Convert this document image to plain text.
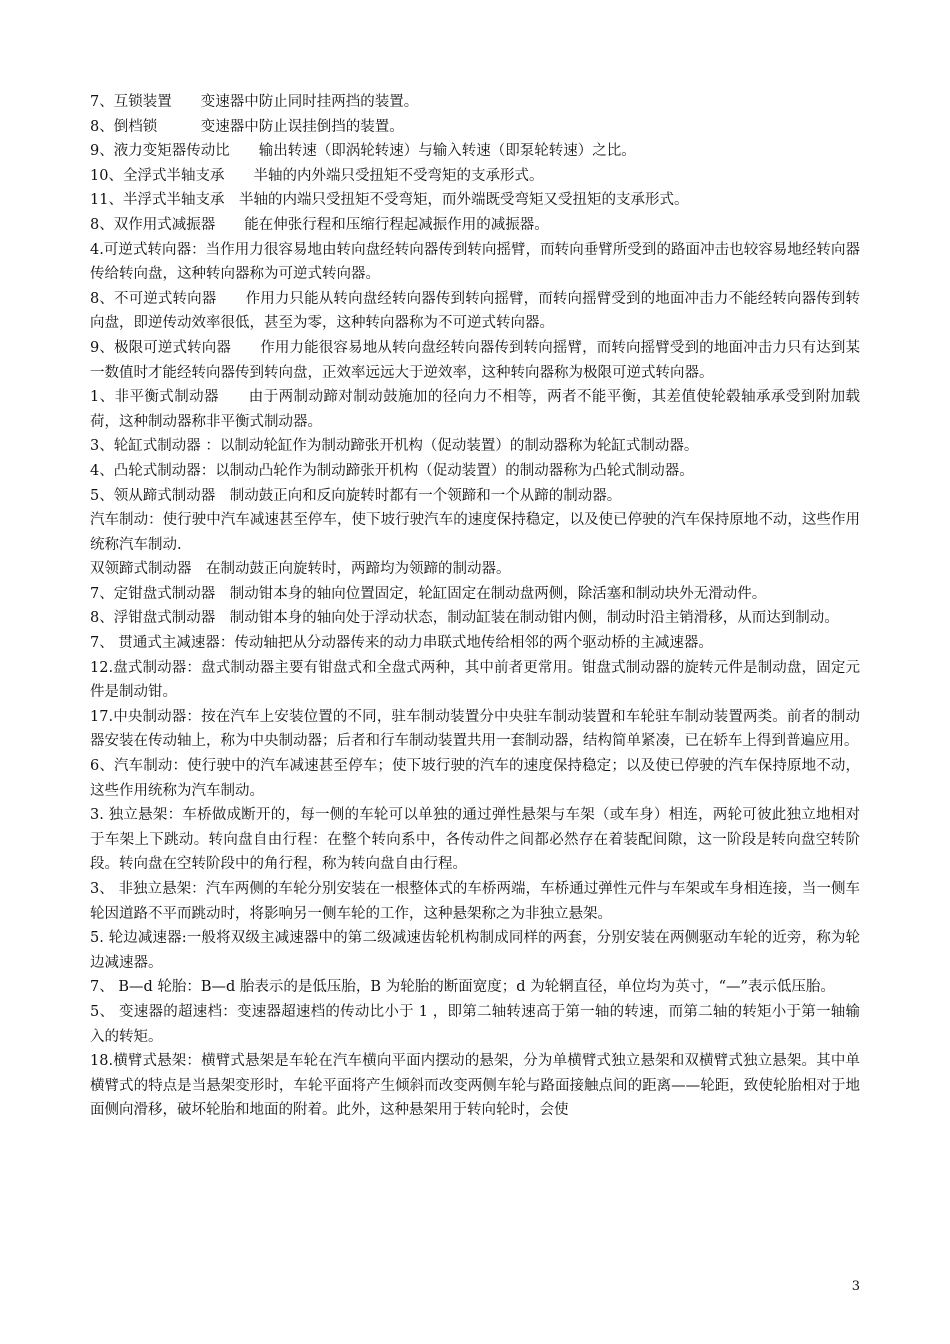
7、互锁装置　　变速器中防止同时挂两挡的装置。

8、倒档锁　　　变速器中防止误挂倒挡的装置。

9、液力变矩器传动比　　输出转速（即涡轮转速）与输入转速（即泵轮转速）之比。

10、全浮式半轴支承　　半轴的内外端只受扭矩不受弯矩的支承形式。

11、半浮式半轴支承　半轴的内端只受扭矩不受弯矩，而外端既受弯矩又受扭矩的支承形式。

8、双作用式减振器　　能在伸张行程和压缩行程起减振作用的减振器。

4.可逆式转向器：当作用力很容易地由转向盘经转向器传到转向摇臂，而转向垂臂所受到的路面冲击也较容易地经转向器传给转向盘，这种转向器称为可逆式转向器。

8、不可逆式转向器　　作用力只能从转向盘经转向器传到转向摇臂，而转向摇臂受到的地面冲击力不能经转向器传到转向盘，即逆传动效率很低，甚至为零，这种转向器称为不可逆式转向器。

9、极限可逆式转向器　　作用力能很容易地从转向盘经转向器传到转向摇臂，而转向摇臂受到的地面冲击力只有达到某一数值时才能经转向器传到转向盘，正效率远远大于逆效率，这种转向器称为极限可逆式转向器。

1、非平衡式制动器　　由于两制动蹄对制动鼓施加的径向力不相等，两者不能平衡，其差值使轮毂轴承承受到附加载荷，这种制动器称非平衡式制动器。

3、轮缸式制动器 ：以制动轮缸作为制动蹄张开机构（促动装置）的制动器称为轮缸式制动器。

4、凸轮式制动器：以制动凸轮作为制动蹄张开机构（促动装置）的制动器称为凸轮式制动器。

5、领从蹄式制动器　制动鼓正向和反向旋转时都有一个领蹄和一个从蹄的制动器。

汽车制动：使行驶中汽车减速甚至停车，使下坡行驶汽车的速度保持稳定，以及使已停驶的汽车保持原地不动，这些作用统称汽车制动.

双领蹄式制动器　在制动鼓正向旋转时，两蹄均为领蹄的制动器。

7、定钳盘式制动器　制动钳本身的轴向位置固定，轮缸固定在制动盘两侧，除活塞和制动块外无滑动件。

8、浮钳盘式制动器　制动钳本身的轴向处于浮动状态，制动缸装在制动钳内侧，制动时沿主销滑移，从而达到制动。

7、 贯通式主减速器：传动轴把从分动器传来的动力串联式地传给相邻的两个驱动桥的主减速器。

12.盘式制动器：盘式制动器主要有钳盘式和全盘式两种，其中前者更常用。钳盘式制动器的旋转元件是制动盘，固定元件是制动钳。

17.中央制动器：按在汽车上安装位置的不同，驻车制动装置分中央驻车制动装置和车轮驻车制动装置两类。前者的制动器安装在传动轴上，称为中央制动器；后者和行车制动装置共用一套制动器，结构简单紧凑，已在轿车上得到普遍应用。

6、汽车制动：使行驶中的汽车减速甚至停车；使下坡行驶的汽车的速度保持稳定；以及使已停驶的汽车保持原地不动，这些作用统称为汽车制动。

3. 独立悬架：车桥做成断开的，每一侧的车轮可以单独的通过弹性悬架与车架（或车身）相连，两轮可彼此独立地相对于车架上下跳动。转向盘自由行程：在整个转向系中，各传动件之间都必然存在着装配间隙，这一阶段是转向盘空转阶段。转向盘在空转阶段中的角行程，称为转向盘自由行程。

3、 非独立悬架：汽车两侧的车轮分别安装在一根整体式的车桥两端，车桥通过弹性元件与车架或车身相连接，当一侧车轮因道路不平而跳动时，将影响另一侧车轮的工作，这种悬架称之为非独立悬架。

5. 轮边减速器:一般将双级主减速器中的第二级减速齿轮机构制成同样的两套，分别安装在两侧驱动车轮的近旁，称为轮边减速器。

7、 B—d 轮胎：B—d 胎表示的是低压胎，B 为轮胎的断面宽度；d 为轮辋直径，单位均为英寸，“—”表示低压胎。

5、 变速器的超速档：变速器超速档的传动比小于 1 ，即第二轴转速高于第一轴的转速，而第二轴的转矩小于第一轴输入的转矩。

18.横臂式悬架：横臂式悬架是车轮在汽车横向平面内摆动的悬架，分为单横臂式独立悬架和双横臂式独立悬架。其中单横臂式的特点是当悬架变形时，车轮平面将产生倾斜而改变两侧车轮与路面接触点间的距离——轮距，致使轮胎相对于地面侧向滑移，破坏轮胎和地面的附着。此外，这种悬架用于转向轮时，会使

3
